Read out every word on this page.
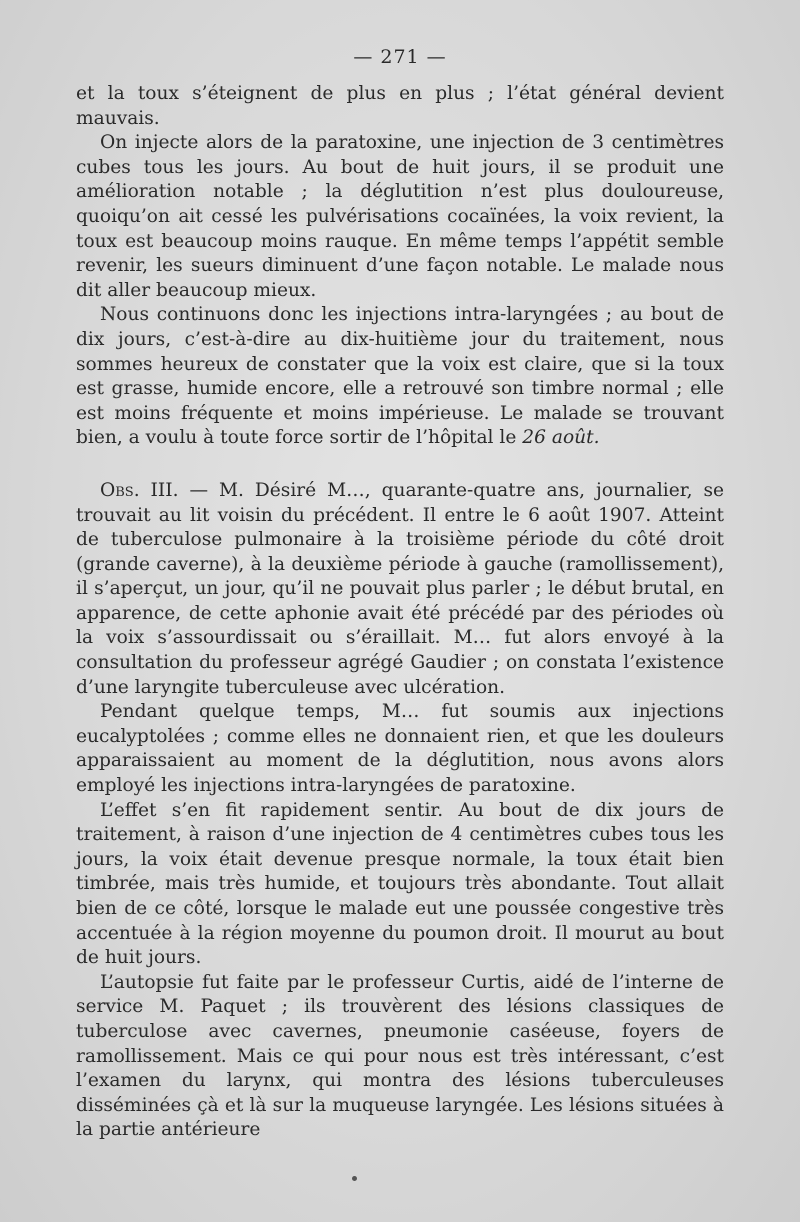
— 271 —

et la toux s’éteignent de plus en plus ; l’état général devient mauvais.

On injecte alors de la paratoxine, une injection de 3 centimètres cubes tous les jours. Au bout de huit jours, il se produit une amélioration notable ; la déglutition n’est plus douloureuse, quoiqu’on ait cessé les pulvérisations cocaïnées, la voix revient, la toux est beaucoup moins rauque. En même temps l’appétit semble revenir, les sueurs diminuent d’une façon notable. Le malade nous dit aller beaucoup mieux.

Nous continuons donc les injections intra-laryngées ; au bout de dix jours, c’est-à-dire au dix-huitième jour du traitement, nous sommes heureux de constater que la voix est claire, que si la toux est grasse, humide encore, elle a retrouvé son timbre normal ; elle est moins fréquente et moins impérieuse. Le malade se trouvant bien, a voulu à toute force sortir de l’hôpital le 26 août.

Obs. III. — M. Désiré M…, quarante-quatre ans, journalier, se trouvait au lit voisin du précédent. Il entre le 6 août 1907. Atteint de tuberculose pulmonaire à la troisième période du côté droit (grande caverne), à la deuxième période à gauche (ramollissement), il s’aperçut, un jour, qu’il ne pouvait plus parler ; le début brutal, en apparence, de cette aphonie avait été précédé par des périodes où la voix s’assourdissait ou s’éraillait. M… fut alors envoyé à la consultation du professeur agrégé Gaudier ; on constata l’existence d’une laryngite tuberculeuse avec ulcération.

Pendant quelque temps, M… fut soumis aux injections eucalyptolées ; comme elles ne donnaient rien, et que les douleurs apparaissaient au moment de la déglutition, nous avons alors employé les injections intra-laryngées de paratoxine.

L’effet s’en fit rapidement sentir. Au bout de dix jours de traitement, à raison d’une injection de 4 centimètres cubes tous les jours, la voix était devenue presque normale, la toux était bien timbrée, mais très humide, et toujours très abondante. Tout allait bien de ce côté, lorsque le malade eut une poussée congestive très accentuée à la région moyenne du poumon droit. Il mourut au bout de huit jours.

L’autopsie fut faite par le professeur Curtis, aidé de l’interne de service M. Paquet ; ils trouvèrent des lésions classiques de tuberculose avec cavernes, pneumonie caséeuse, foyers de ramollissement. Mais ce qui pour nous est très intéressant, c’est l’examen du larynx, qui montra des lésions tuberculeuses disséminées çà et là sur la muqueuse laryngée. Les lésions situées à la partie antérieure
